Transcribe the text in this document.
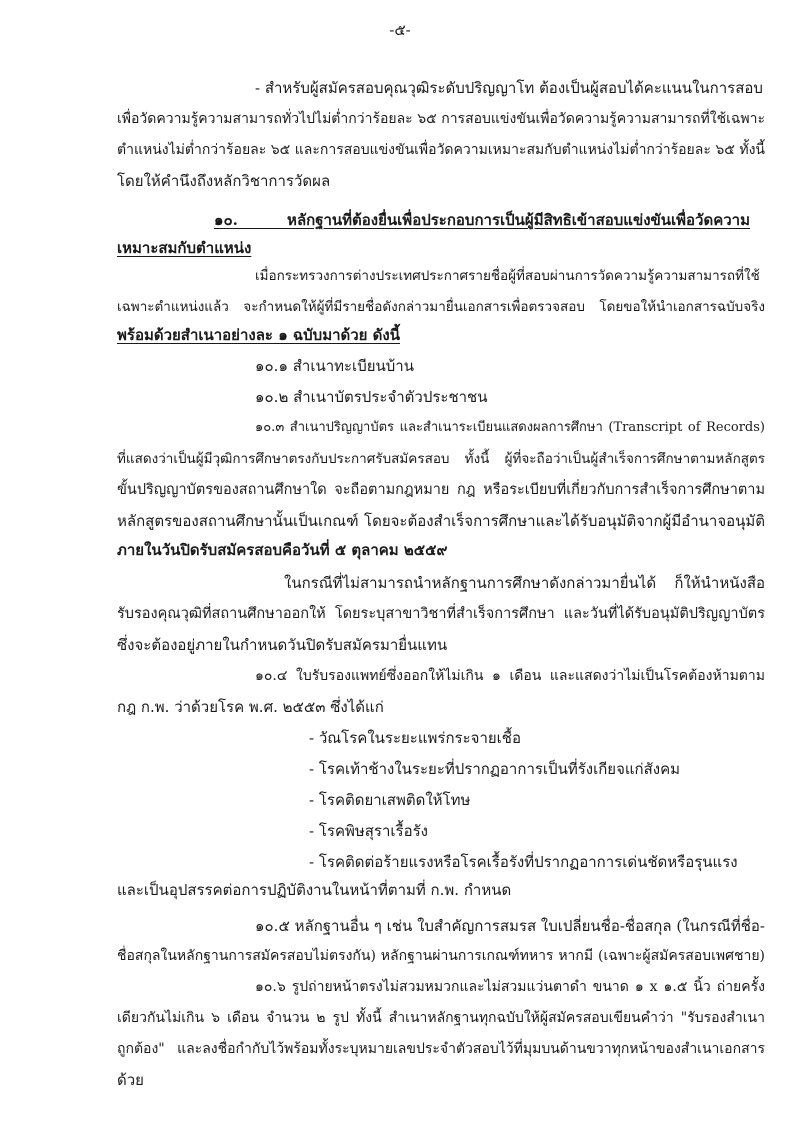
-๕-
- สำหรับผู้สมัครสอบคุณวุฒิระดับปริญญาโท ต้องเป็นผู้สอบได้คะแนนในการสอบ
เพื่อวัดความรู้ความสามารถทั่วไปไม่ต่ำกว่าร้อยละ ๖๕ การสอบแข่งขันเพื่อวัดความรู้ความสามารถที่ใช้เฉพาะ
ตำแหน่งไม่ต่ำกว่าร้อยละ ๖๕ และการสอบแข่งขันเพื่อวัดความเหมาะสมกับตำแหน่งไม่ต่ำกว่าร้อยละ ๖๕ ทั้งนี้
โดยให้คำนึงถึงหลักวิชาการวัดผล
๑๐. หลักฐานที่ต้องยื่นเพื่อประกอบการเป็นผู้มีสิทธิเข้าสอบแข่งขันเพื่อวัดความ
เหมาะสมกับตำแหน่ง
เมื่อกระทรวงการต่างประเทศประกาศรายชื่อผู้ที่สอบผ่านการวัดความรู้ความสามารถที่ใช้
เฉพาะตำแหน่งแล้ว จะกำหนดให้ผู้ที่มีรายชื่อดังกล่าวมายื่นเอกสารเพื่อตรวจสอบ โดยขอให้นำเอกสารฉบับจริง
พร้อมด้วยสำเนาอย่างละ ๑ ฉบับมาด้วย ดังนี้
๑๐.๑ สำเนาทะเบียนบ้าน
๑๐.๒ สำเนาบัตรประจำตัวประชาชน
๑๐.๓ สำเนาปริญญาบัตร และสำเนาระเบียนแสดงผลการศึกษา (Transcript of Records)
ที่แสดงว่าเป็นผู้มีวุฒิการศึกษาตรงกับประกาศรับสมัครสอบ ทั้งนี้ ผู้ที่จะถือว่าเป็นผู้สำเร็จการศึกษาตามหลักสูตร
ขั้นปริญญาบัตรของสถานศึกษาใด จะถือตามกฎหมาย กฎ หรือระเบียบที่เกี่ยวกับการสำเร็จการศึกษาตาม
หลักสูตรของสถานศึกษานั้นเป็นเกณฑ์ โดยจะต้องสำเร็จการศึกษาและได้รับอนุมัติจากผู้มีอำนาจอนุมัติ
ภายในวันปิดรับสมัครสอบคือวันที่ ๕ ตุลาคม ๒๕๕๙
ในกรณีที่ไม่สามารถนำหลักฐานการศึกษาดังกล่าวมายื่นได้ ก็ให้นำหนังสือ
รับรองคุณวุฒิที่สถานศึกษาออกให้ โดยระบุสาขาวิชาที่สำเร็จการศึกษา และวันที่ได้รับอนุมัติปริญญาบัตร
ซึ่งจะต้องอยู่ภายในกำหนดวันปิดรับสมัครมายื่นแทน
๑๐.๔ ใบรับรองแพทย์ซึ่งออกให้ไม่เกิน ๑ เดือน และแสดงว่าไม่เป็นโรคต้องห้ามตาม
กฎ ก.พ. ว่าด้วยโรค พ.ศ. ๒๕๕๓ ซึ่งได้แก่
- วัณโรคในระยะแพร่กระจายเชื้อ
- โรคเท้าช้างในระยะที่ปรากฏอาการเป็นที่รังเกียจแก่สังคม
- โรคติดยาเสพติดให้โทษ
- โรคพิษสุราเรื้อรัง
- โรคติดต่อร้ายแรงหรือโรคเรื้อรังที่ปรากฏอาการเด่นชัดหรือรุนแรง
และเป็นอุปสรรคต่อการปฏิบัติงานในหน้าที่ตามที่ ก.พ. กำหนด
๑๐.๕ หลักฐานอื่น ๆ เช่น ใบสำคัญการสมรส ใบเปลี่ยนชื่อ-ชื่อสกุล (ในกรณีที่ชื่อ-
ชื่อสกุลในหลักฐานการสมัครสอบไม่ตรงกัน) หลักฐานผ่านการเกณฑ์ทหาร หากมี (เฉพาะผู้สมัครสอบเพศชาย)
๑๐.๖ รูปถ่ายหน้าตรงไม่สวมหมวกและไม่สวมแว่นตาดำ ขนาด ๑ x ๑.๕ นิ้ว ถ่ายครั้ง
เดียวกันไม่เกิน ๖ เดือน จำนวน ๒ รูป ทั้งนี้ สำเนาหลักฐานทุกฉบับให้ผู้สมัครสอบเขียนคำว่า "รับรองสำเนา
ถูกต้อง" และลงชื่อกำกับไว้พร้อมทั้งระบุหมายเลขประจำตัวสอบไว้ที่มุมบนด้านขวาทุกหน้าของสำเนาเอกสาร
ด้วย
